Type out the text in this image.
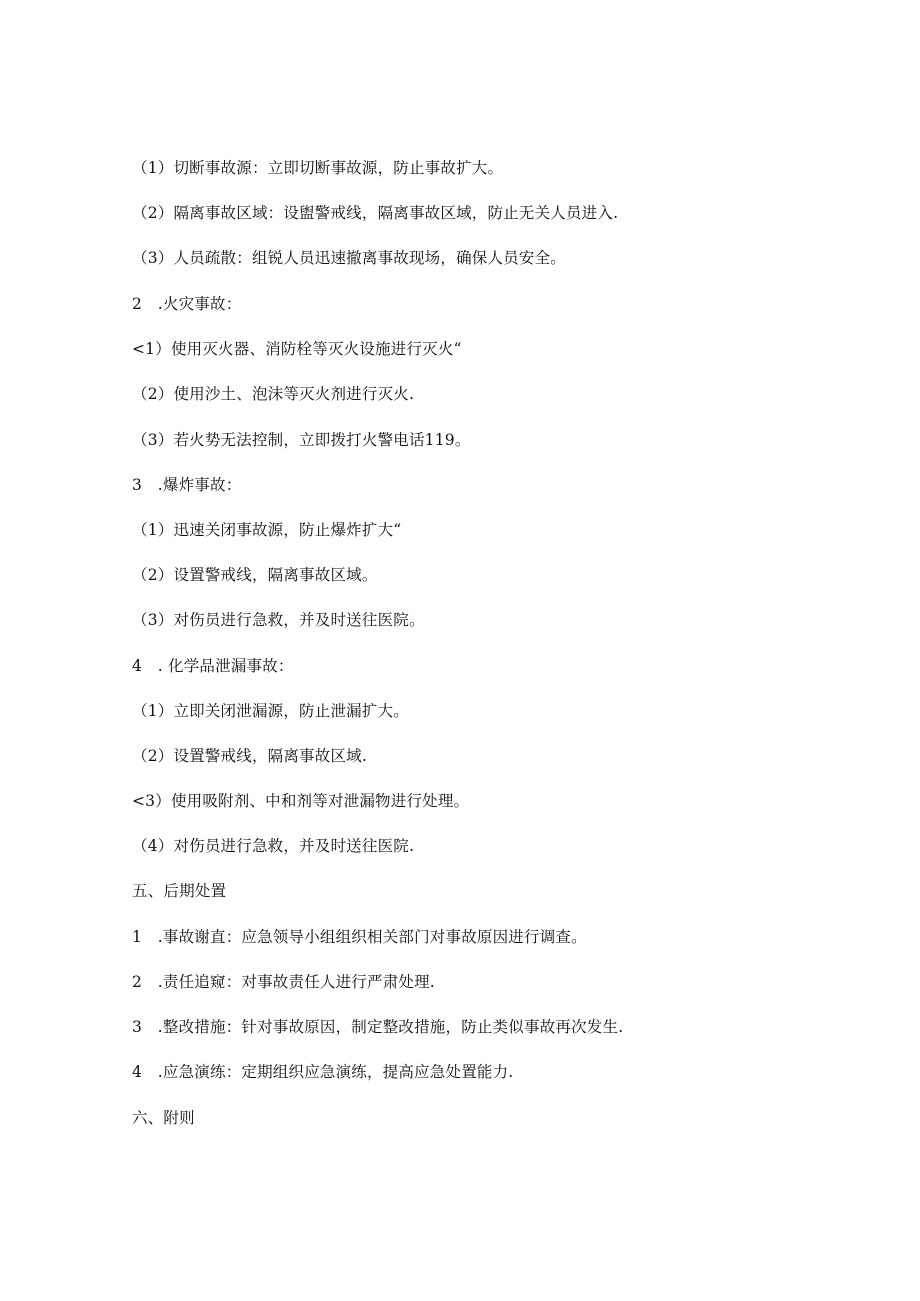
（1）切断事故源：立即切断事故源，防止事故扩大。
（2）隔离事故区域：设盥警戒线，隔离事故区域，防止无关人员进入.
（3）人员疏散：组锐人员迅速撤离事故现场，确保人员安全。
2　.火灾事故：
<1）使用灭火器、消防栓等灭火设施进行灭火“
（2）使用沙土、泡沫等灭火剂进行灭火.
（3）若火势无法控制，立即拨打火警电话119。
3　.爆炸事故：
（1）迅速关闭事故源，防止爆炸扩大“
（2）设置警戒线，隔离事故区域。
（3）对伤员进行急救，并及时送往医院。
4　. 化学品泄漏事故：
（1）立即关闭泄漏源，防止泄漏扩大。
（2）设置警戒线，隔离事故区域.
<3）使用吸附剂、中和剂等对泄漏物进行处理。
（4）对伤员进行急救，并及时送往医院.
五、后期处置
1　.事故谢直：应急领导小组组织相关部门对事故原因进行调查。
2　.责任追窥：对事故责任人进行严肃处理.
3　.整改措施：针对事故原因，制定整改措施，防止类似事故再次发生.
4　.应急演练：定期组织应急演练，提高应急处置能力.
六、附则
